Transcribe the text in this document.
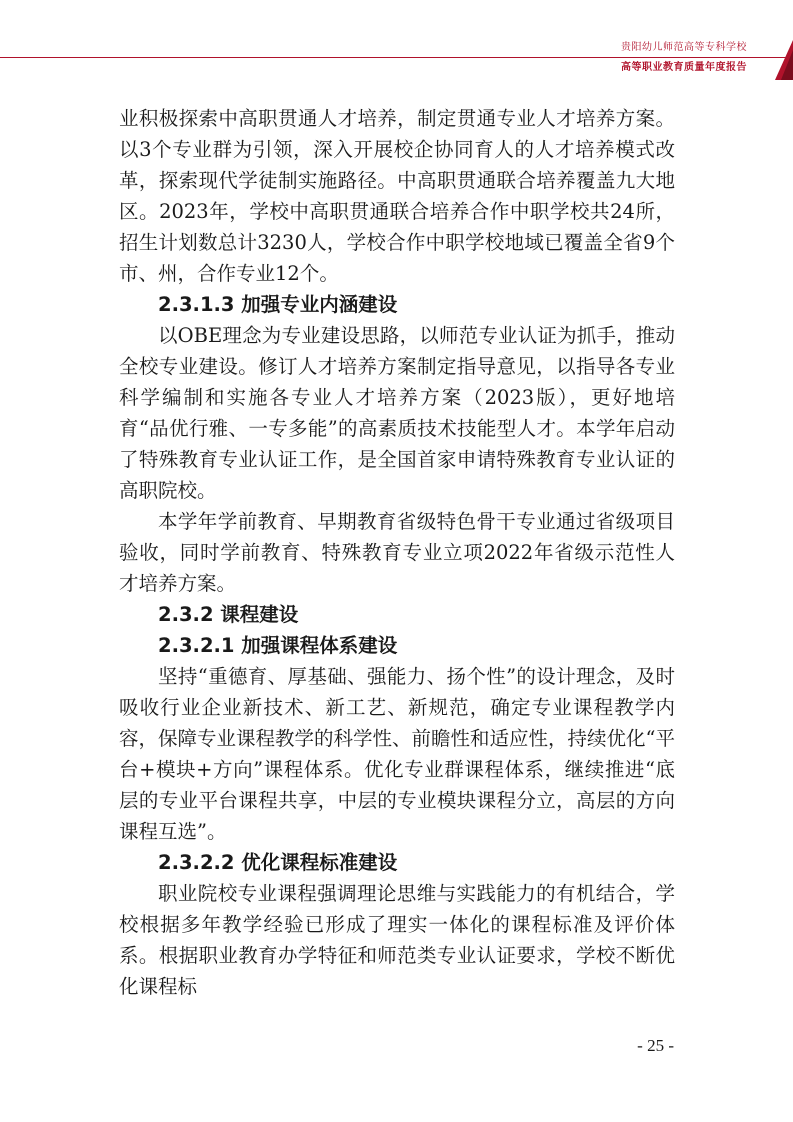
贵阳幼儿师范高等专科学校
高等职业教育质量年度报告

业积极探索中高职贯通人才培养，制定贯通专业人才培养方案。以3个专业群为引领，深入开展校企协同育人的人才培养模式改革，探索现代学徒制实施路径。中高职贯通联合培养覆盖九大地区。2023年，学校中高职贯通联合培养合作中职学校共24所，招生计划数总计3230人，学校合作中职学校地域已覆盖全省9个市、州，合作专业12个。

2.3.1.3 加强专业内涵建设

以OBE理念为专业建设思路，以师范专业认证为抓手，推动全校专业建设。修订人才培养方案制定指导意见，以指导各专业科学编制和实施各专业人才培养方案（2023版），更好地培育“品优行雅、一专多能”的高素质技术技能型人才。本学年启动了特殊教育专业认证工作，是全国首家申请特殊教育专业认证的高职院校。

本学年学前教育、早期教育省级特色骨干专业通过省级项目验收，同时学前教育、特殊教育专业立项2022年省级示范性人才培养方案。

2.3.2 课程建设

2.3.2.1 加强课程体系建设

坚持“重德育、厚基础、强能力、扬个性”的设计理念，及时吸收行业企业新技术、新工艺、新规范，确定专业课程教学内容，保障专业课程教学的科学性、前瞻性和适应性，持续优化“平台+模块+方向”课程体系。优化专业群课程体系，继续推进“底层的专业平台课程共享，中层的专业模块课程分立，高层的方向课程互选”。

2.3.2.2 优化课程标准建设

职业院校专业课程强调理论思维与实践能力的有机结合，学校根据多年教学经验已形成了理实一体化的课程标准及评价体系。根据职业教育办学特征和师范类专业认证要求，学校不断优化课程标

- 25 -
